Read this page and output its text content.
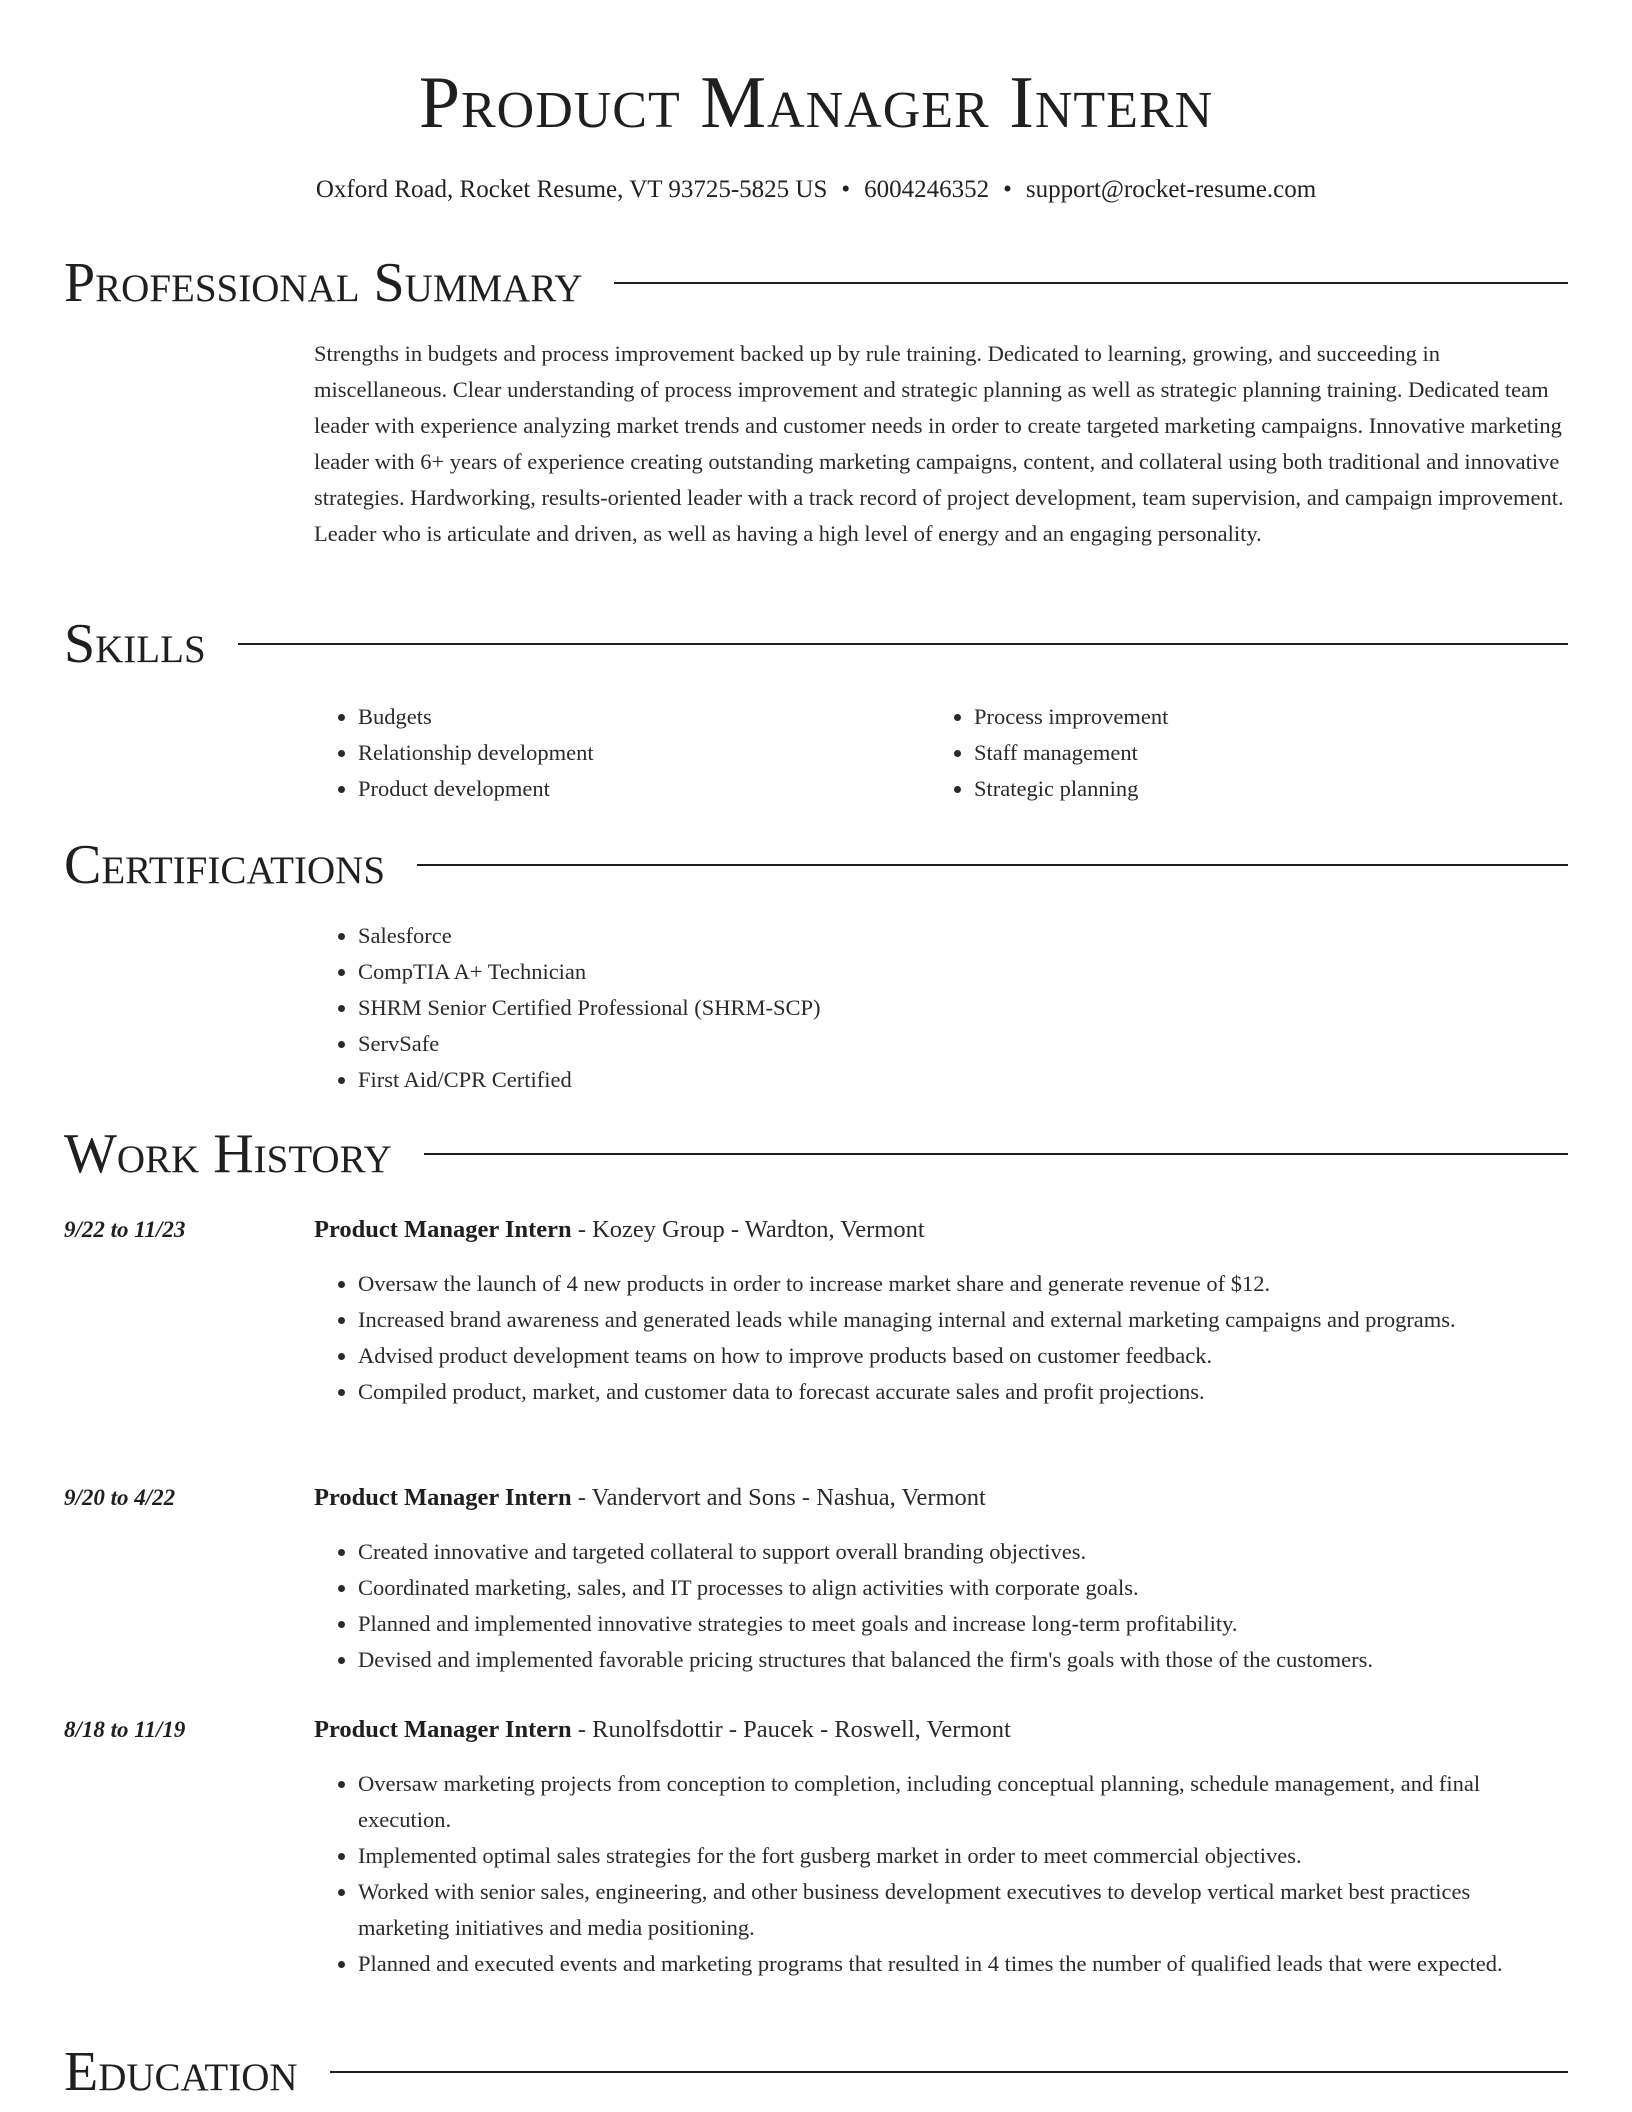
Product Manager Intern
Oxford Road, Rocket Resume, VT 93725-5825 US • 6004246352 • support@rocket-resume.com
Professional Summary
Strengths in budgets and process improvement backed up by rule training. Dedicated to learning, growing, and succeeding in miscellaneous. Clear understanding of process improvement and strategic planning as well as strategic planning training. Dedicated team leader with experience analyzing market trends and customer needs in order to create targeted marketing campaigns. Innovative marketing leader with 6+ years of experience creating outstanding marketing campaigns, content, and collateral using both traditional and innovative strategies. Hardworking, results-oriented leader with a track record of project development, team supervision, and campaign improvement. Leader who is articulate and driven, as well as having a high level of energy and an engaging personality.
Skills
• Budgets
• Relationship development
• Product development
• Process improvement
• Staff management
• Strategic planning
Certifications
• Salesforce
• CompTIA A+ Technician
• SHRM Senior Certified Professional (SHRM-SCP)
• ServSafe
• First Aid/CPR Certified
Work History
9/22 to 11/23	Product Manager Intern - Kozey Group - Wardton, Vermont
• Oversaw the launch of 4 new products in order to increase market share and generate revenue of $12.
• Increased brand awareness and generated leads while managing internal and external marketing campaigns and programs.
• Advised product development teams on how to improve products based on customer feedback.
• Compiled product, market, and customer data to forecast accurate sales and profit projections.
9/20 to 4/22	Product Manager Intern - Vandervort and Sons - Nashua, Vermont
• Created innovative and targeted collateral to support overall branding objectives.
• Coordinated marketing, sales, and IT processes to align activities with corporate goals.
• Planned and implemented innovative strategies to meet goals and increase long-term profitability.
• Devised and implemented favorable pricing structures that balanced the firm's goals with those of the customers.
8/18 to 11/19	Product Manager Intern - Runolfsdottir - Paucek - Roswell, Vermont
• Oversaw marketing projects from conception to completion, including conceptual planning, schedule management, and final execution.
• Implemented optimal sales strategies for the fort gusberg market in order to meet commercial objectives.
• Worked with senior sales, engineering, and other business development executives to develop vertical market best practices marketing initiatives and media positioning.
• Planned and executed events and marketing programs that resulted in 4 times the number of qualified leads that were expected.
Education
